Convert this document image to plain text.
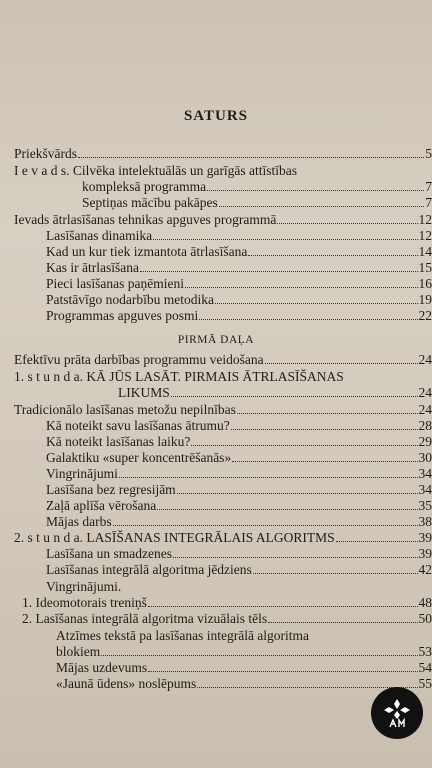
SATURS
Priekšvārds	5
I e v a d s. Cilvēka intelektuālās un garīgās attīstības
kompleksā programma	7
Septiņas mācību pakāpes	7
Ievads ātrlasīšanas tehnikas apguves programmā	12
Lasīšanas dinamika	12
Kad un kur tiek izmantota ātrlasīšana	14
Kas ir ātrlasīšana	15
Pieci lasīšanas paņēmieni	16
Patstāvīgo nodarbību metodika	19
Programmas apguves posmi	22
PIRMĀ DAĻA
Efektīvu prāta darbības programmu veidošana	24
1. s t u n d a. KĀ JŪS LASĀT. PIRMAIS ĀTRLASĪŠANAS
LIKUMS	24
Tradicionālo lasīšanas metožu nepilnības	24
Kā noteikt savu lasīšanas ātrumu?	28
Kā noteikt lasīšanas laiku?	29
Galaktiku «super koncentrēšanās»	30
Vingrinājumi	34
Lasīšana bez regresijām	34
Zaļā aplīša vērošana	35
Mājas darbs	38
2. s t u n d a. LASĪŠANAS INTEGRĀLAIS ALGORITMS	39
Lasīšana un smadzenes	39
Lasīšanas integrālā algoritma jēdziens	42
Vingrinājumi.
1. Ideomotorais treniņš	48
2. Lasīšanas integrālā algoritma vizuālais tēls	50
Atzīmes tekstā pa lasīšanas integrālā algoritma
blokiem	53
Mājas uzdevums	54
«Jaunā ūdens» noslēpums	55
